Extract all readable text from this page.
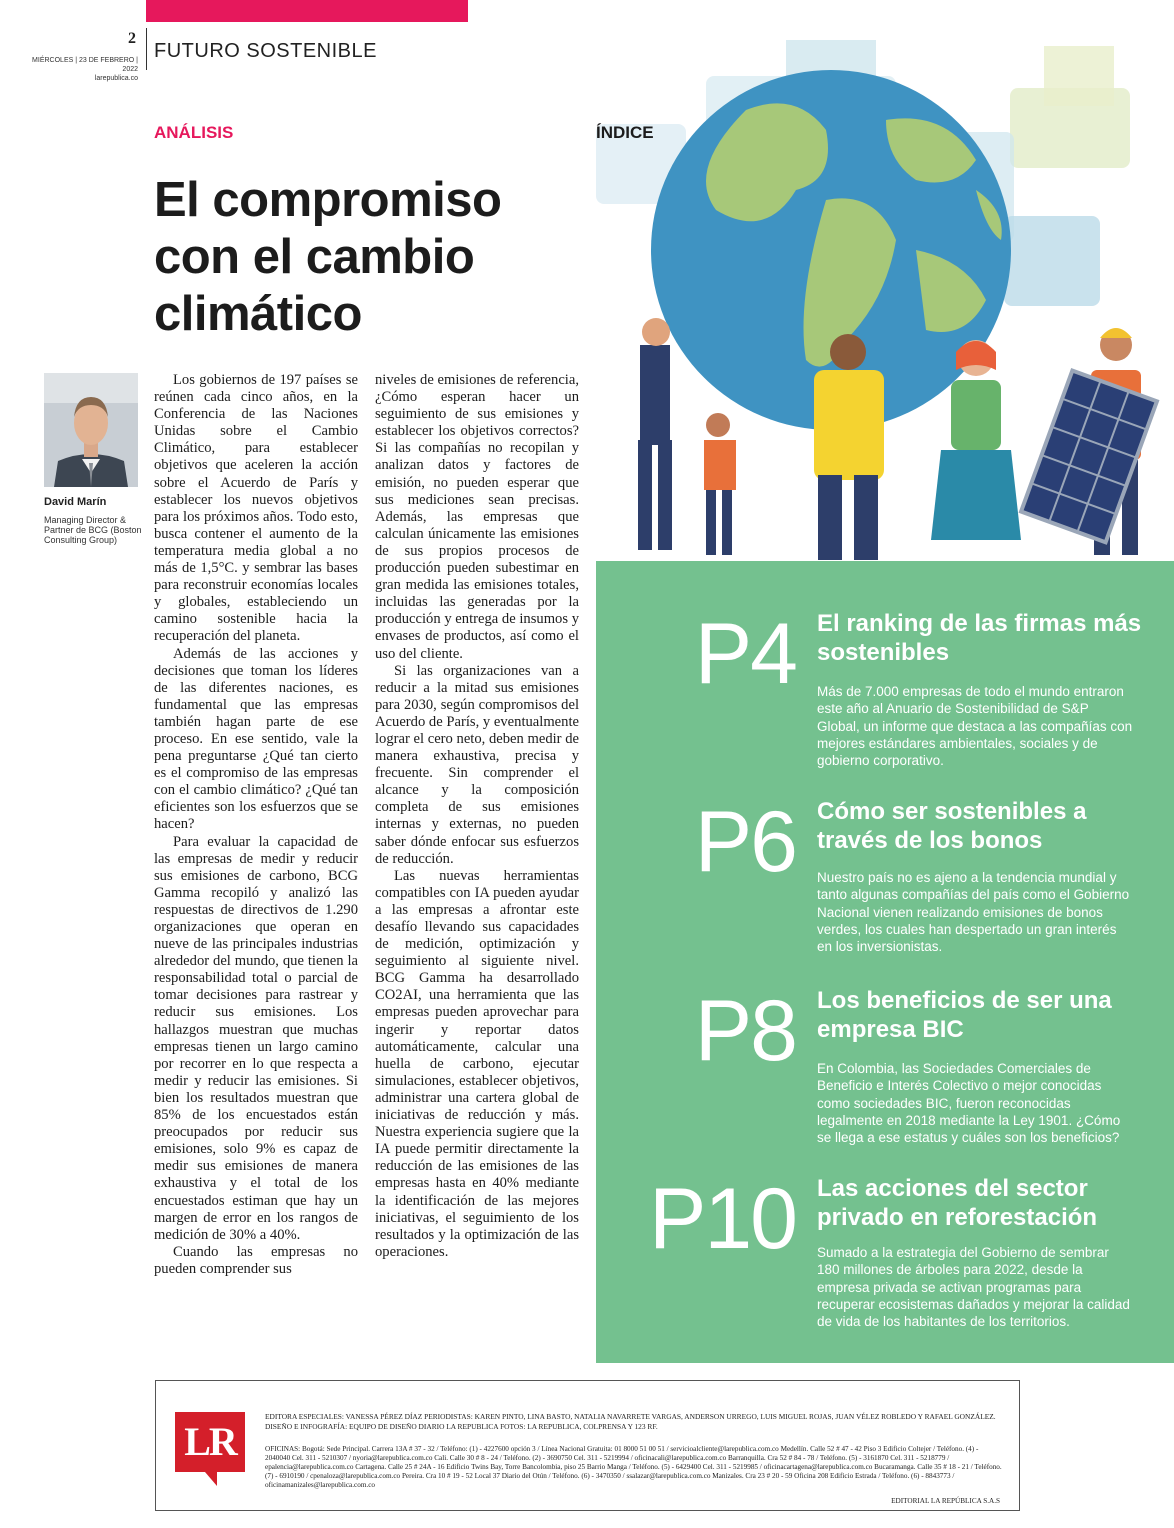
2
MIÉRCOLES | 23 DE FEBRERO | 2022
larepublica.co
FUTURO SOSTENIBLE
ANÁLISIS
El compromiso con el cambio climático
David Marín
Managing Director & Partner de BCG (Boston Consulting Group)

Los gobiernos de 197 países se reúnen cada cinco años, en la Conferencia de las Naciones Unidas sobre el Cambio Climático, para establecer objetivos que aceleren la acción sobre el Acuerdo de París y establecer los nuevos objetivos para los próximos años. Todo esto, busca contener el aumento de la temperatura media global a no más de 1,5°C. y sembrar las bases para reconstruir economías locales y globales, estableciendo un camino sostenible hacia la recuperación del planeta.

Además de las acciones y decisiones que toman los líderes de las diferentes naciones, es fundamental que las empresas también hagan parte de ese proceso. En ese sentido, vale la pena preguntarse ¿Qué tan cierto es el compromiso de las empresas con el cambio climático? ¿Qué tan eficientes son los esfuerzos que se hacen?

Para evaluar la capacidad de las empresas de medir y reducir sus emisiones de carbono, BCG Gamma recopiló y analizó las respuestas de directivos de 1.290 organizaciones que operan en nueve de las principales industrias alrededor del mundo, que tienen la responsabilidad total o parcial de tomar decisiones para rastrear y reducir sus emisiones. Los hallazgos muestran que muchas empresas tienen un largo camino por recorrer en lo que respecta a medir y reducir las emisiones. Si bien los resultados muestran que 85% de los encuestados están preocupados por reducir sus emisiones, solo 9% es capaz de medir sus emisiones de manera exhaustiva y el total de los encuestados estiman que hay un margen de error en los rangos de medición de 30% a 40%.

Cuando las empresas no pueden comprender sus

niveles de emisiones de referencia, ¿Cómo esperan hacer un seguimiento de sus emisiones y establecer los objetivos correctos? Si las compañías no recopilan y analizan datos y factores de emisión, no pueden esperar que sus mediciones sean precisas. Además, las empresas que calculan únicamente las emisiones de sus propios procesos de producción pueden subestimar en gran medida las emisiones totales, incluidas las generadas por la producción y entrega de insumos y envases de productos, así como el uso del cliente.

Si las organizaciones van a reducir a la mitad sus emisiones para 2030, según compromisos del Acuerdo de París, y eventualmente lograr el cero neto, deben medir de manera exhaustiva, precisa y frecuente. Sin comprender el alcance y la composición completa de sus emisiones internas y externas, no pueden saber dónde enfocar sus esfuerzos de reducción.

Las nuevas herramientas compatibles con IA pueden ayudar a las empresas a afrontar este desafío llevando sus capacidades de medición, optimización y seguimiento al siguiente nivel. BCG Gamma ha desarrollado CO2AI, una herramienta que las empresas pueden aprovechar para ingerir y reportar datos automáticamente, calcular una huella de carbono, ejecutar simulaciones, establecer objetivos, administrar una cartera global de iniciativas de reducción y más. Nuestra experiencia sugiere que la IA puede permitir directamente la reducción de las emisiones de las empresas hasta en 40% mediante la identificación de las mejores iniciativas, el seguimiento de los resultados y la optimización de las operaciones.

ÍNDICE
P4 El ranking de las firmas más sostenibles
Más de 7.000 empresas de todo el mundo entraron este año al Anuario de Sostenibilidad de S&P Global, un informe que destaca a las compañías con mejores estándares ambientales, sociales y de gobierno corporativo.
P6 Cómo ser sostenibles a través de los bonos
Nuestro país no es ajeno a la tendencia mundial y tanto algunas compañías del país como el Gobierno Nacional vienen realizando emisiones de bonos verdes, los cuales han despertado un gran interés en los inversionistas.
P8 Los beneficios de ser una empresa BIC
En Colombia, las Sociedades Comerciales de Beneficio e Interés Colectivo o mejor conocidas como sociedades BIC, fueron reconocidas legalmente en 2018 mediante la Ley 1901. ¿Cómo se llega a ese estatus y cuáles son los beneficios?
P10 Las acciones del sector privado en reforestación
Sumado a la estrategia del Gobierno de sembrar 180 millones de árboles para 2022, desde la empresa privada se activan programas para recuperar ecosistemas dañados y mejorar la calidad de vida de los habitantes de los territorios.
LR
EDITORA ESPECIALES: VANESSA PÉREZ DÍAZ PERIODISTAS: KAREN PINTO, LINA BASTO, NATALIA NAVARRETE VARGAS, ANDERSON URREGO, LUIS MIGUEL ROJAS, JUAN VÉLEZ ROBLEDO Y RAFAEL GONZÁLEZ. DISEÑO E INFOGRAFÍA: EQUIPO DE DISEÑO DIARIO LA REPUBLICA FOTOS: LA REPUBLICA, COLPRENSA Y 123 RF.
OFICINAS: Bogotá: Sede Principal. Carrera 13A # 37 - 32 / Teléfono: (1) - 4227600 opción 3 / Línea Nacional Gratuita: 01 8000 51 00 51 / servicioalcliente@larepublica.com.co Medellín. Calle 52 # 47 - 42 Piso 3 Edificio Coltejer / Teléfono. (4) - 2040040 Cel. 311 - 5210307 / nyoria@larepublica.com.co Cali. Calle 30 # 8 - 24 / Teléfono. (2) - 3690750 Cel. 311 - 5219994 / oficinacali@larepublica.com.co Barranquilla. Cra 52 # 84 - 78 / Teléfono. (5) - 3161870 Cel. 311 - 5218779 / epalencia@larepublica.com.co Cartagena. Calle 25 # 24A - 16 Edificio Twins Bay, Torre Bancolombia, piso 25 Barrio Manga / Teléfono. (5) - 6429400 Cel. 311 - 5219985 / oficinacartagena@larepublica.com.co Bucaramanga. Calle 35 # 18 - 21 / Teléfono. (7) - 6910190 / cpenaloza@larepublica.com.co Pereira. Cra 10 # 19 - 52 Local 37 Diario del Otún / Teléfono. (6) - 3470350 / ssalazar@larepublica.com.co Manizales. Cra 23 # 20 - 59 Oficina 208 Edificio Estrada / Teléfono. (6) - 8843773 / oficinamanizales@larepublica.com.co
EDITORIAL LA REPÚBLICA S.A.S
